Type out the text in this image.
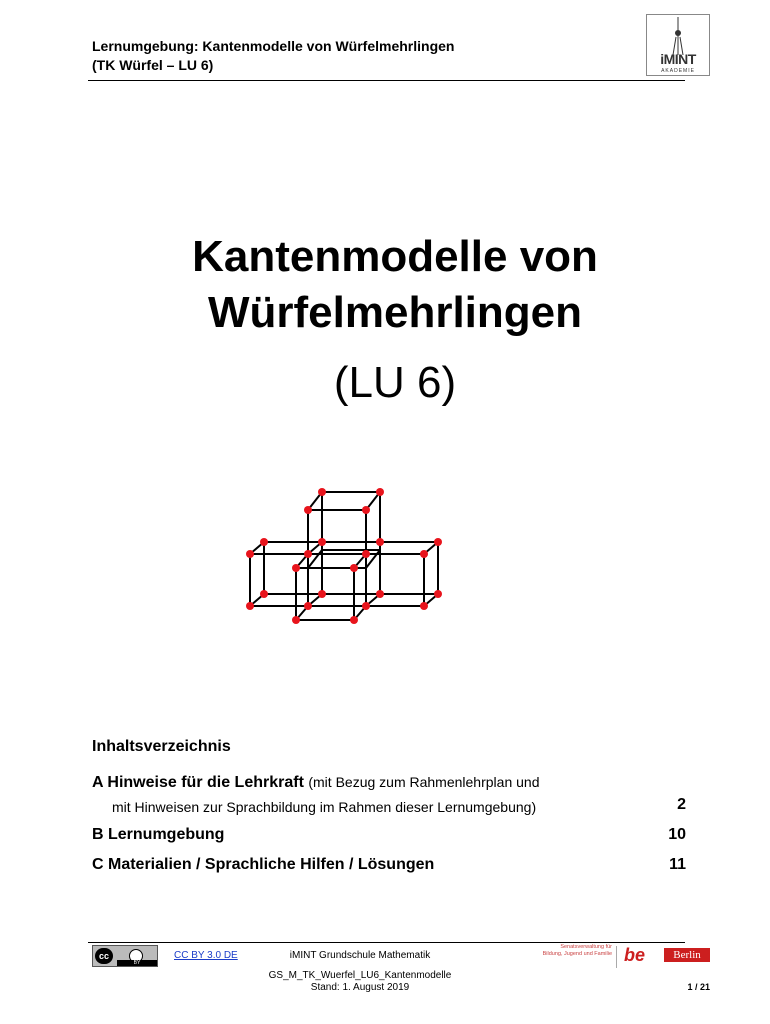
Lernumgebung: Kantenmodelle von Würfelmehrlingen
(TK Würfel – LU 6)	iMINT
AKADEMIE
Kantenmodelle von
Würfelmehrlingen
(LU 6)
Inhaltsverzeichnis
A Hinweise für die Lehrkraft (mit Bezug zum Rahmenlehrplan und
mit Hinweisen zur Sprachbildung im Rahmen dieser Lernumgebung)	2
B Lernumgebung	10
C Materialien / Sprachliche Hilfen / Lösungen	11
cc
BY
CC BY 3.0 DE	iMINT Grundschule Mathematik
GS_M_TK_Wuerfel_LU6_Kantenmodelle
Stand: 1. August 2019
Senatsverwaltung für Bildung, Jugend und Familie be	Berlin
1 / 21
